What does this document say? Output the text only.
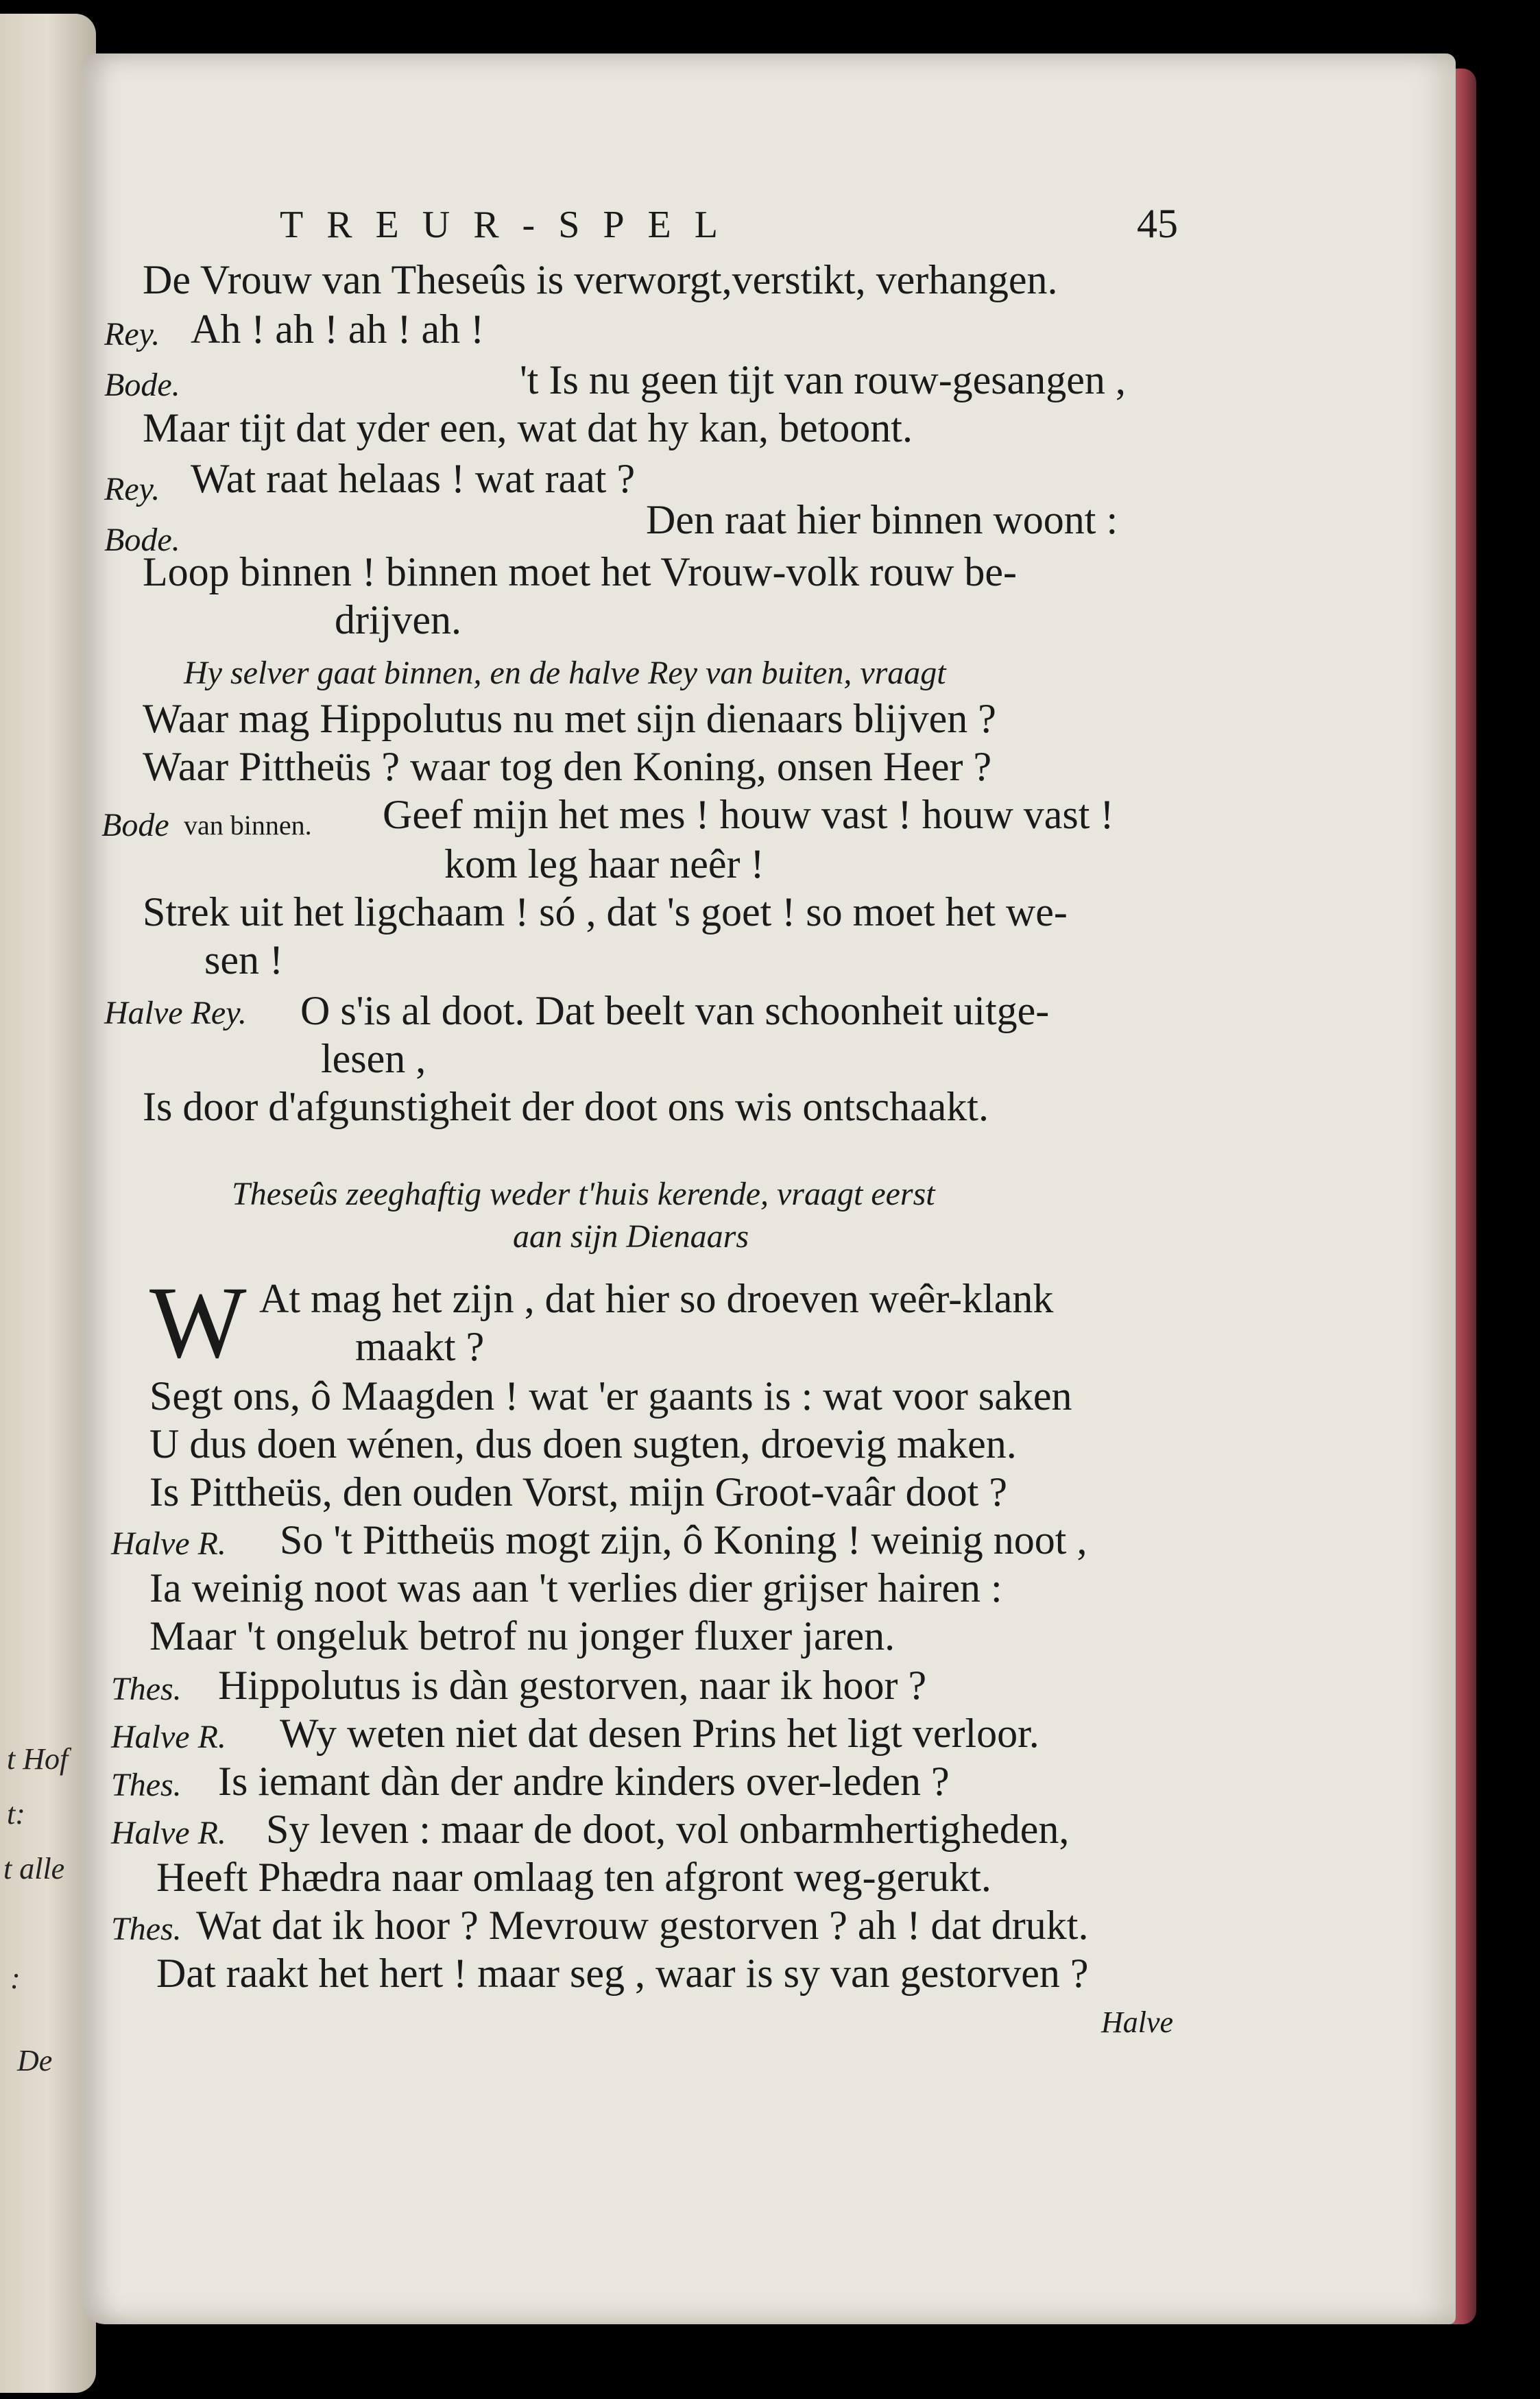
t Hof
t:
t alle
:
De
TREUR-SPEL	45
De Vrouw van Theseûs is verworgt,verstikt, verhangen.
Rey. Ah ! ah ! ah ! ah !
Bode.	't Is nu geen tijt van rouw-gesangen ,
Maar tijt dat yder een, wat dat hy kan, betoont.
Rey. Wat raat helaas ! wat raat ?
Bode.	Den raat hier binnen woont :
Loop binnen ! binnen moet het Vrouw-volk rouw be-
drijven.
Hy selver gaat binnen, en de halve Rey van buiten, vraagt
Waar mag Hippolutus nu met sijn dienaars blijven ?
Waar Pittheüs ? waar tog den Koning, onsen Heer ?
Bode van binnen. Geef mijn het mes ! houw vast ! houw vast !
kom leg haar neêr !
Strek uit het ligchaam ! só , dat 's goet ! so moet het we-
sen !
Halve Rey. O s'is al doot. Dat beelt van schoonheit uitge-
lesen ,
Is door d'afgunstigheit der doot ons wis ontschaakt.
Theseûs zeeghaftig weder t'huis kerende, vraagt eerst
aan sijn Dienaars
W At mag het zijn , dat hier so droeven weêr-klank
maakt ?
Segt ons, ô Maagden ! wat 'er gaants is : wat voor saken
U dus doen wénen, dus doen sugten, droevig maken.
Is Pittheüs, den ouden Vorst, mijn Groot-vaâr doot ?
Halve R. So 't Pittheüs mogt zijn, ô Koning ! weinig noot ,
Ia weinig noot was aan 't verlies dier grijser hairen :
Maar 't ongeluk betrof nu jonger fluxer jaren.
Thes. Hippolutus is dàn gestorven, naar ik hoor ?
Halve R. Wy weten niet dat desen Prins het ligt verloor.
Thes. Is iemant dàn der andre kinders over-leden ?
Halve R. Sy leven : maar de doot, vol onbarmhertigheden,
Heeft Phædra naar omlaag ten afgront weg-gerukt.
Thes. Wat dat ik hoor ? Mevrouw gestorven ? ah ! dat drukt.
Dat raakt het hert ! maar seg , waar is sy van gestorven ?
Halve
